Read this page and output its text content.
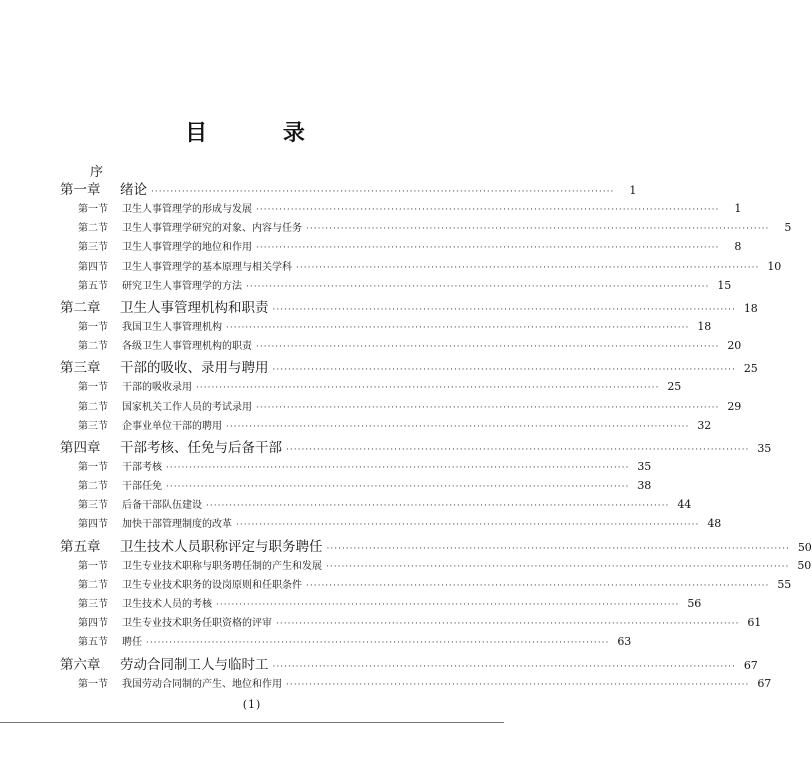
目 录
序
第一章	绪论 ························································································································	1
第一节	卫生人事管理学的形成与发展 ························································································································	1
第二节	卫生人事管理学研究的对象、内容与任务 ························································································································	5
第三节	卫生人事管理学的地位和作用 ························································································································	8
第四节	卫生人事管理学的基本原理与相关学科 ························································································································ 10
第五节	研究卫生人事管理学的方法 ························································································································ 15
第二章	卫生人事管理机构和职责 ························································································································ 18
第一节	我国卫生人事管理机构 ························································································································ 18
第二节	各级卫生人事管理机构的职责 ························································································································ 20
第三章	干部的吸收、录用与聘用 ························································································································ 25
第一节	干部的吸收录用 ························································································································ 25
第二节	国家机关工作人员的考试录用 ························································································································ 29
第三节	企事业单位干部的聘用 ························································································································ 32
第四章	干部考核、任免与后备干部 ························································································································ 35
第一节	干部考核 ························································································································ 35
第二节	干部任免 ························································································································ 38
第三节	后备干部队伍建设 ························································································································ 44
第四节	加快干部管理制度的改革 ························································································································ 48
第五章	卫生技术人员职称评定与职务聘任 ························································································································ 50
第一节	卫生专业技术职称与职务聘任制的产生和发展 ························································································································ 50
第二节	卫生专业技术职务的设岗原则和任职条件 ························································································································ 55
第三节	卫生技术人员的考核 ························································································································ 56
第四节	卫生专业技术职务任职资格的评审 ························································································································ 61
第五节	聘任 ························································································································ 63
第六章	劳动合同制工人与临时工 ························································································································ 67
第一节	我国劳动合同制的产生、地位和作用 ························································································································ 67
(1)
